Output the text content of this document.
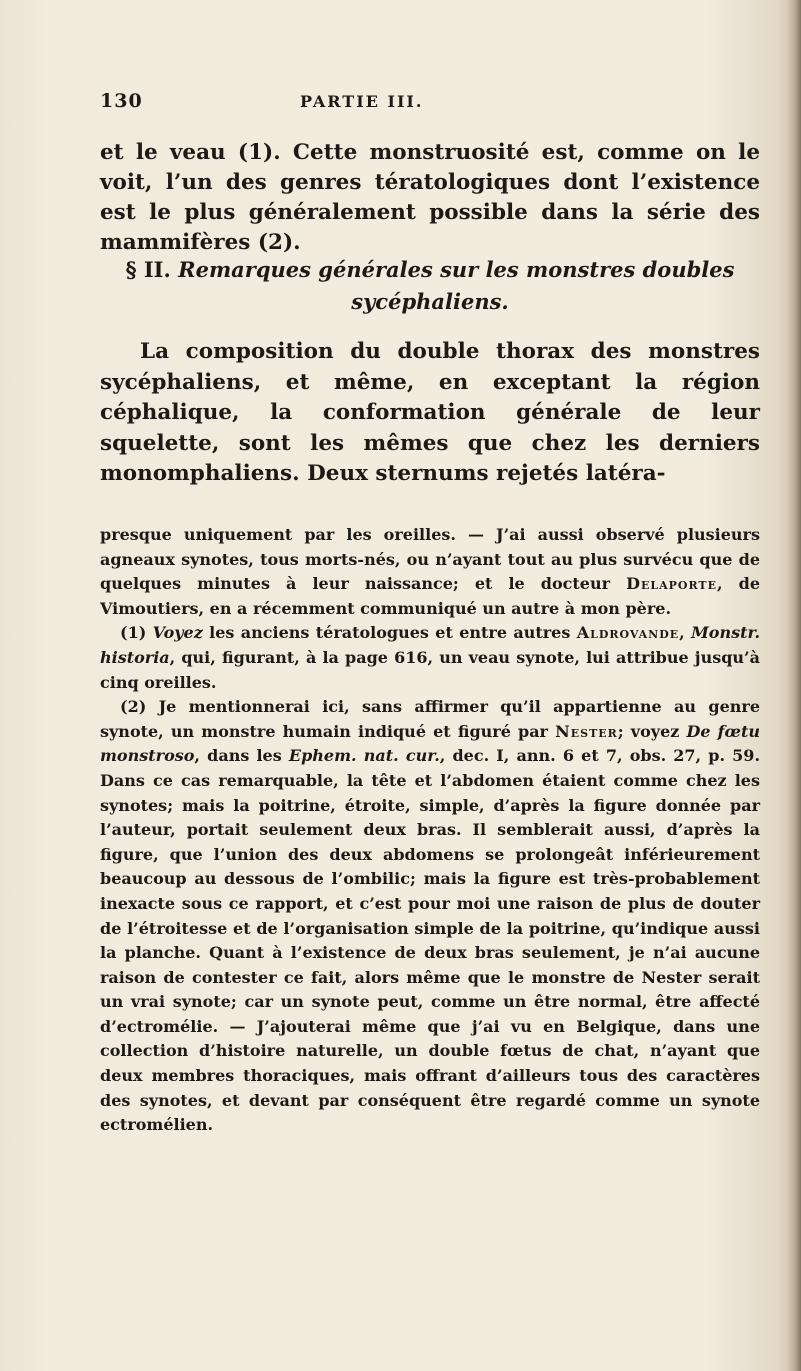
130	PARTIE III.

et le veau (1). Cette monstruosité est, comme on le voit, l’un des genres tératologiques dont l’existence est le plus généralement possible dans la série des mammifères (2).

§ II. Remarques générales sur les monstres doubles sycéphaliens.

La composition du double thorax des monstres sycéphaliens, et même, en exceptant la région céphalique, la conformation générale de leur squelette, sont les mêmes que chez les derniers monomphaliens. Deux sternums rejetés latéra-

presque uniquement par les oreilles. — J’ai aussi observé plusieurs agneaux synotes, tous morts-nés, ou n’ayant tout au plus survécu que de quelques minutes à leur naissance; et le docteur Delaporte, de Vimoutiers, en a récemment communiqué un autre à mon père.

(1) Voyez les anciens tératologues et entre autres Aldrovande, Monstr. historia, qui, figurant, à la page 616, un veau synote, lui attribue jusqu’à cinq oreilles.

(2) Je mentionnerai ici, sans affirmer qu’il appartienne au genre synote, un monstre humain indiqué et figuré par Nester; voyez De fœtu monstroso, dans les Ephem. nat. cur., dec. I, ann. 6 et 7, obs. 27, p. 59. Dans ce cas remarquable, la tête et l’abdomen étaient comme chez les synotes; mais la poitrine, étroite, simple, d’après la figure donnée par l’auteur, portait seulement deux bras. Il semblerait aussi, d’après la figure, que l’union des deux abdomens se prolongeât inférieurement beaucoup au dessous de l’ombilic; mais la figure est très-probablement inexacte sous ce rapport, et c’est pour moi une raison de plus de douter de l’étroitesse et de l’organisation simple de la poitrine, qu’indique aussi la planche. Quant à l’existence de deux bras seulement, je n’ai aucune raison de contester ce fait, alors même que le monstre de Nester serait un vrai synote; car un synote peut, comme un être normal, être affecté d’ectromélie. — J’ajouterai même que j’ai vu en Belgique, dans une collection d’histoire naturelle, un double fœtus de chat, n’ayant que deux membres thoraciques, mais offrant d’ailleurs tous des caractères des synotes, et devant par conséquent être regardé comme un synote ectromélien.
